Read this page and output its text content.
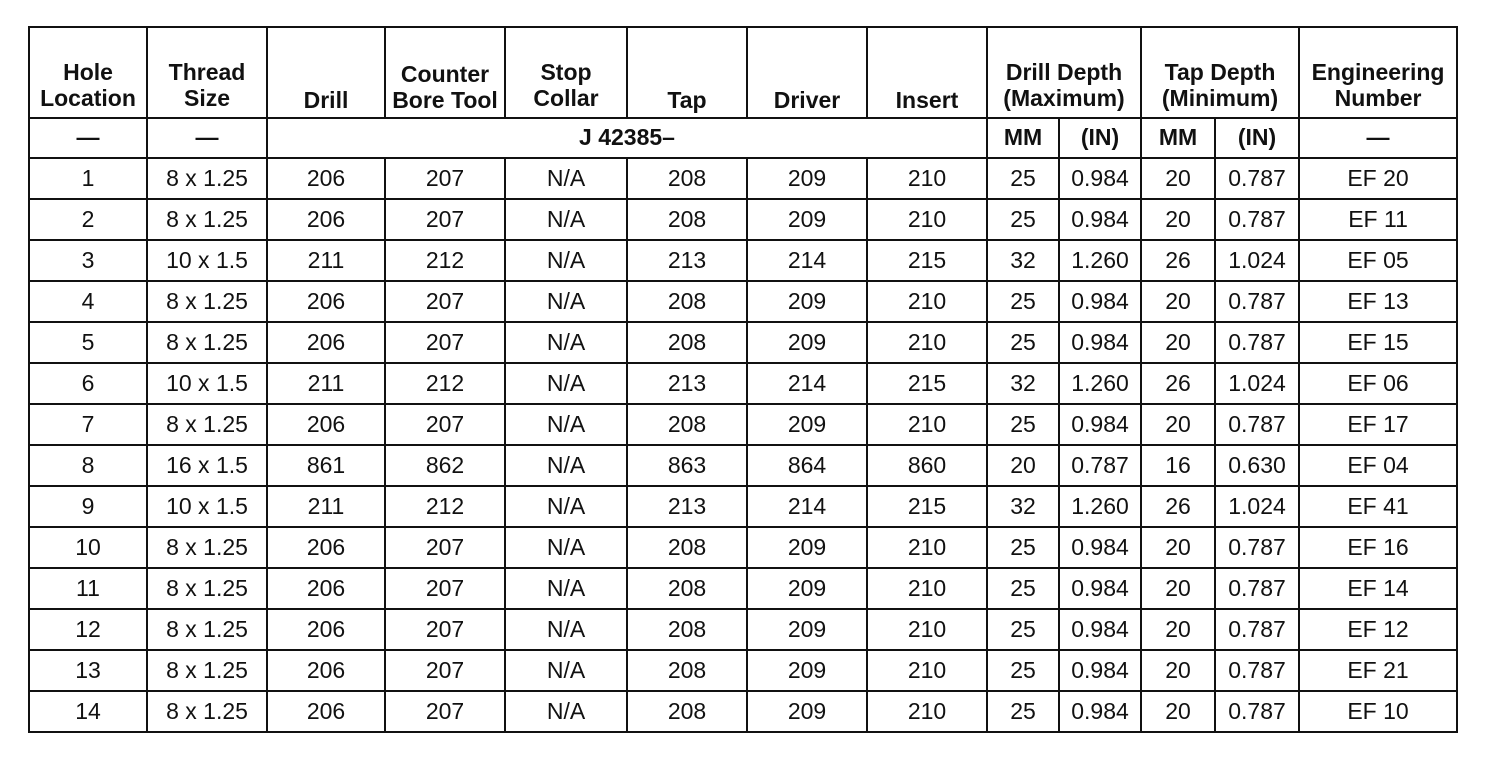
Hole Location	Thread Size	Drill	Counter Bore Tool	Stop Collar	Tap	Driver	Insert	Drill Depth (Maximum)		Tap Depth (Minimum)		Engineering Number
—	—	J 42385–						MM	(IN)	MM	(IN)	—
1	8 x 1.25	206	207	N/A	208	209	210	25	0.984	20	0.787	EF 20
2	8 x 1.25	206	207	N/A	208	209	210	25	0.984	20	0.787	EF 11
3	10 x 1.5	211	212	N/A	213	214	215	32	1.260	26	1.024	EF 05
4	8 x 1.25	206	207	N/A	208	209	210	25	0.984	20	0.787	EF 13
5	8 x 1.25	206	207	N/A	208	209	210	25	0.984	20	0.787	EF 15
6	10 x 1.5	211	212	N/A	213	214	215	32	1.260	26	1.024	EF 06
7	8 x 1.25	206	207	N/A	208	209	210	25	0.984	20	0.787	EF 17
8	16 x 1.5	861	862	N/A	863	864	860	20	0.787	16	0.630	EF 04
9	10 x 1.5	211	212	N/A	213	214	215	32	1.260	26	1.024	EF 41
10	8 x 1.25	206	207	N/A	208	209	210	25	0.984	20	0.787	EF 16
11	8 x 1.25	206	207	N/A	208	209	210	25	0.984	20	0.787	EF 14
12	8 x 1.25	206	207	N/A	208	209	210	25	0.984	20	0.787	EF 12
13	8 x 1.25	206	207	N/A	208	209	210	25	0.984	20	0.787	EF 21
14	8 x 1.25	206	207	N/A	208	209	210	25	0.984	20	0.787	EF 10
